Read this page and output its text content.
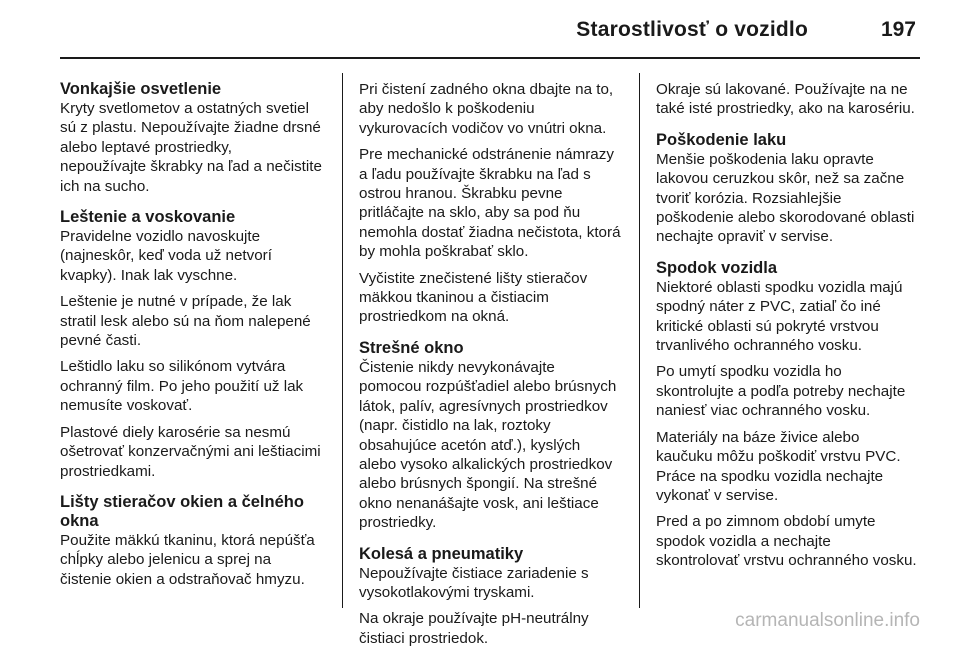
Starostlivosť o vozidlo	197
Vonkajšie osvetlenie

Kryty svetlometov a ostatných svetiel sú z plastu. Nepoužívajte žiadne drsné alebo leptavé prostriedky, nepoužívajte škrabky na ľad a nečistite ich na sucho.

Leštenie a voskovanie

Pravidelne vozidlo navoskujte (najneskôr, keď voda už netvorí kvapky). Inak lak vyschne.

Leštenie je nutné v prípade, že lak stratil lesk alebo sú na ňom nalepené pevné časti.

Leštidlo laku so silikónom vytvára ochranný film. Po jeho použití už lak nemusíte voskovať.

Plastové diely karosérie sa nesmú ošetrovať konzervačnými ani leštiacimi prostriedkami.

Lišty stieračov okien a čelného okna

Použite mäkkú tkaninu, ktorá nepúšťa chĺpky alebo jelenicu a sprej na čistenie okien a odstraňovač hmyzu.

Pri čistení zadného okna dbajte na to, aby nedošlo k poškodeniu vykurovacích vodičov vo vnútri okna.

Pre mechanické odstránenie námrazy a ľadu používajte škrabku na ľad s ostrou hranou. Škrabku pevne pritláčajte na sklo, aby sa pod ňu nemohla dostať žiadna nečistota, ktorá by mohla poškrabať sklo.

Vyčistite znečistené lišty stieračov mäkkou tkaninou a čistiacim prostriedkom na okná.

Strešné okno

Čistenie nikdy nevykonávajte pomocou rozpúšťadiel alebo brúsnych látok, palív, agresívnych prostriedkov (napr. čistidlo na lak, roztoky obsahujúce acetón atď.), kyslých alebo vysoko alkalických prostriedkov alebo brúsnych špongií. Na strešné okno nenanášajte vosk, ani leštiace prostriedky.

Kolesá a pneumatiky

Nepoužívajte čistiace zariadenie s vysokotlakovými tryskami.

Na okraje používajte pH-neutrálny čistiaci prostriedok.

Okraje sú lakované. Používajte na ne také isté prostriedky, ako na karosériu.

Poškodenie laku

Menšie poškodenia laku opravte lakovou ceruzkou skôr, než sa začne tvoriť korózia. Rozsiahlejšie poškodenie alebo skorodované oblasti nechajte opraviť v servise.

Spodok vozidla

Niektoré oblasti spodku vozidla majú spodný náter z PVC, zatiaľ čo iné kritické oblasti sú pokryté vrstvou trvanlivého ochranného vosku.

Po umytí spodku vozidla ho skontrolujte a podľa potreby nechajte naniesť viac ochranného vosku.

Materiály na báze živice alebo kaučuku môžu poškodiť vrstvu PVC. Práce na spodku vozidla nechajte vykonať v servise.

Pred a po zimnom období umyte spodok vozidla a nechajte skontrolovať vrstvu ochranného vosku.

carmanualsonline.info
